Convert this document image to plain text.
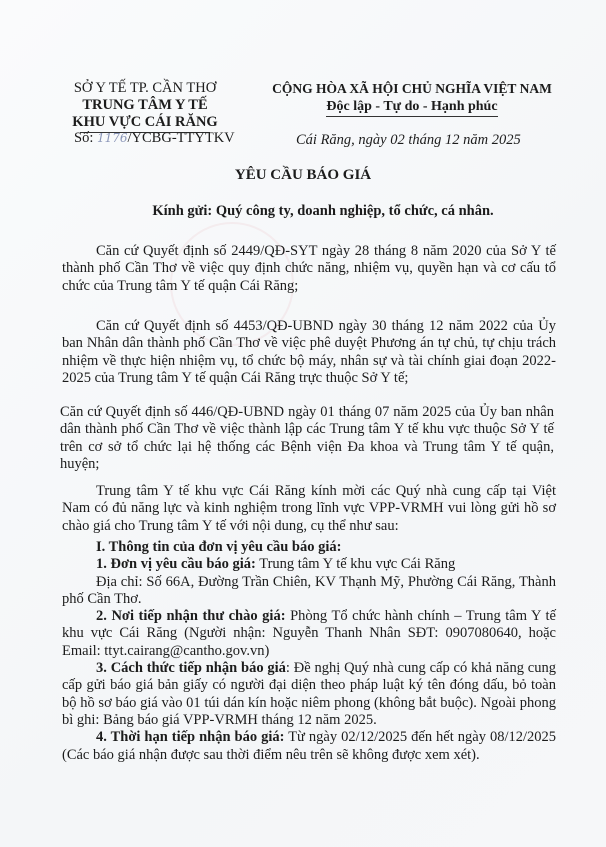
SỞ Y TẾ TP. CẦN THƠ
TRUNG TÂM Y TẾ
KHU VỰC CÁI RĂNG
Số: 1176/YCBG-TTYTKV
CỘNG HÒA XÃ HỘI CHỦ NGHĨA VIỆT NAM
Độc lập - Tự do - Hạnh phúc
Cái Răng, ngày 02 tháng 12 năm 2025
YÊU CẦU BÁO GIÁ
Kính gửi: Quý công ty, doanh nghiệp, tổ chức, cá nhân.

Căn cứ Quyết định số 2449/QĐ-SYT ngày 28 tháng 8 năm 2020 của Sở Y tế thành phố Cần Thơ về việc quy định chức năng, nhiệm vụ, quyền hạn và cơ cấu tổ chức của Trung tâm Y tế quận Cái Răng;

Căn cứ Quyết định số 4453/QĐ-UBND ngày 30 tháng 12 năm 2022 của Ủy ban Nhân dân thành phố Cần Thơ về việc phê duyệt Phương án tự chủ, tự chịu trách nhiệm về thực hiện nhiệm vụ, tổ chức bộ máy, nhân sự và tài chính giai đoạn 2022-2025 của Trung tâm Y tế quận Cái Răng trực thuộc Sở Y tế;

Căn cứ Quyết định số 446/QĐ-UBND ngày 01 tháng 07 năm 2025 của Ủy ban nhân dân thành phố Cần Thơ về việc thành lập các Trung tâm Y tế khu vực thuộc Sở Y tế trên cơ sở tổ chức lại hệ thống các Bệnh viện Đa khoa và Trung tâm Y tế quận, huyện;

Trung tâm Y tế khu vực Cái Răng kính mời các Quý nhà cung cấp tại Việt Nam có đủ năng lực và kinh nghiệm trong lĩnh vực VPP-VRMH vui lòng gửi hồ sơ chào giá cho Trung tâm Y tế với nội dung, cụ thể như sau:

I. Thông tin của đơn vị yêu cầu báo giá:

1. Đơn vị yêu cầu báo giá: Trung tâm Y tế khu vực Cái Răng

Địa chỉ: Số 66A, Đường Trần Chiên, KV Thạnh Mỹ, Phường Cái Răng, Thành phố Cần Thơ.

2. Nơi tiếp nhận thư chào giá: Phòng Tổ chức hành chính – Trung tâm Y tế khu vực Cái Răng (Người nhận: Nguyễn Thanh Nhân SĐT: 0907080640, hoặc Email: ttyt.cairang@cantho.gov.vn)

3. Cách thức tiếp nhận báo giá: Đề nghị Quý nhà cung cấp có khả năng cung cấp gửi báo giá bản giấy có người đại diện theo pháp luật ký tên đóng dấu, bỏ toàn bộ hồ sơ báo giá vào 01 túi dán kín hoặc niêm phong (không bắt buộc). Ngoài phong bì ghi: Bảng báo giá VPP-VRMH tháng 12 năm 2025.

4. Thời hạn tiếp nhận báo giá: Từ ngày 02/12/2025 đến hết ngày 08/12/2025 (Các báo giá nhận được sau thời điểm nêu trên sẽ không được xem xét).
